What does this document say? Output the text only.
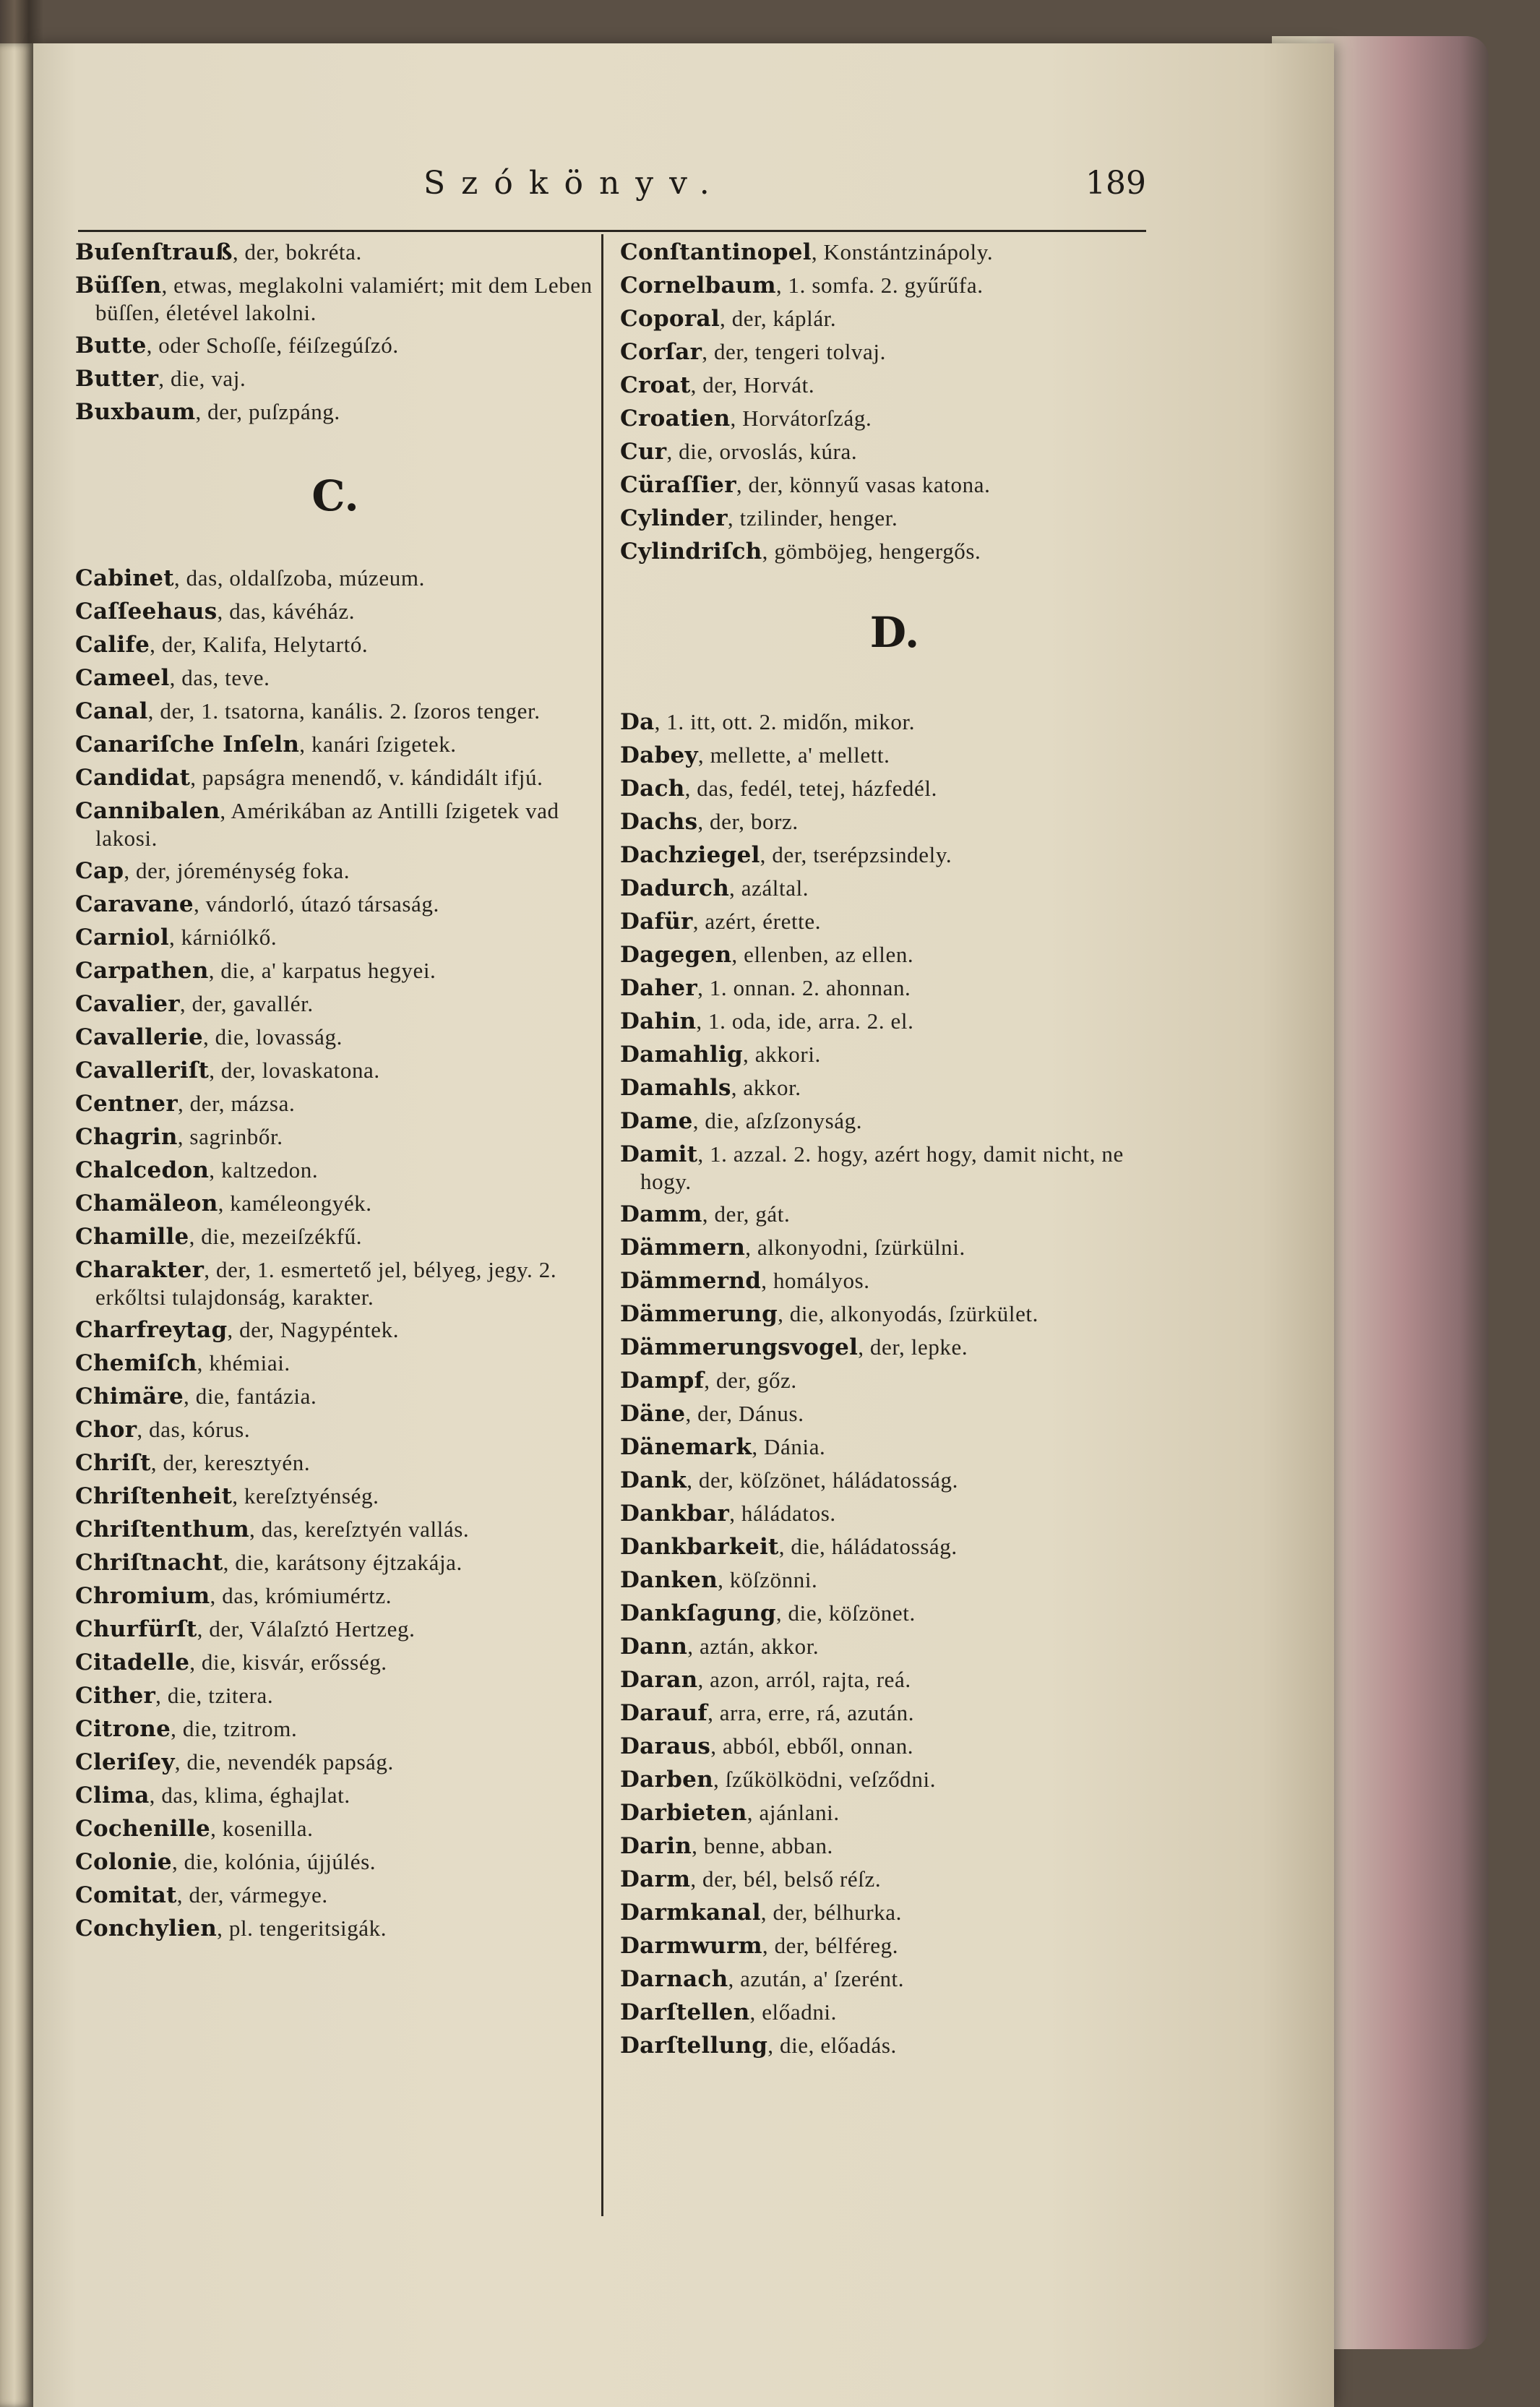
Szókönyv.	189

Buſenſtrauß, der, bokréta.

Büſſen, etwas, meglakolni valamiért; mit dem Leben büſſen, életével lakolni.

Butte, oder Schoſſe, féiſzegúſzó.

Butter, die, vaj.

Buxbaum, der, puſzpáng.

C.

Cabinet, das, oldalſzoba, múzeum.

Caſſeehaus, das, kávéház.

Calife, der, Kalifa, Helytartó.

Cameel, das, teve.

Canal, der, 1. tsatorna, kanális. 2. ſzoros tenger.

Canariſche Inſeln, kanári ſzigetek.

Candidat, papságra menendő, v. kándidált ifjú.

Cannibalen, Amérikában az Antilli ſzigetek vad lakosi.

Cap, der, jóreménység foka.

Caravane, vándorló, útazó társaság.

Carniol, kárniólkő.

Carpathen, die, a' karpatus hegyei.

Cavalier, der, gavallér.

Cavallerie, die, lovasság.

Cavalleriſt, der, lovaskatona.

Centner, der, mázsa.

Chagrin, sagrinbőr.

Chalcedon, kaltzedon.

Chamäleon, kaméleongyék.

Chamille, die, mezeiſzékfű.

Charakter, der, 1. esmertető jel, bélyeg, jegy. 2. erkőltsi tulajdonság, karakter.

Charfreytag, der, Nagypéntek.

Chemiſch, khémiai.

Chimäre, die, fantázia.

Chor, das, kórus.

Chriſt, der, keresztyén.

Chriſtenheit, kereſztyénség.

Chriſtenthum, das, kereſztyén vallás.

Chriſtnacht, die, karátsony éjtzakája.

Chromium, das, krómiumértz.

Churfürſt, der, Válaſztó Hertzeg.

Citadelle, die, kisvár, erősség.

Cither, die, tzitera.

Citrone, die, tzitrom.

Cleriſey, die, nevendék papság.

Clima, das, klima, éghajlat.

Cochenille, kosenilla.

Colonie, die, kolónia, újjúlés.

Comitat, der, vármegye.

Conchylien, pl. tengeritsigák.

Conſtantinopel, Konstántzinápoly.

Cornelbaum, 1. somfa. 2. gyűrűfa.

Coporal, der, káplár.

Corſar, der, tengeri tolvaj.

Croat, der, Horvát.

Croatien, Horvátorſzág.

Cur, die, orvoslás, kúra.

Cüraſſier, der, könnyű vasas katona.

Cylinder, tzilinder, henger.

Cylindriſch, gömböjeg, hengergős.

D.

Da, 1. itt, ott. 2. midőn, mikor.

Dabey, mellette, a' mellett.

Dach, das, fedél, tetej, házfedél.

Dachs, der, borz.

Dachziegel, der, tserépzsindely.

Dadurch, azáltal.

Dafür, azért, érette.

Dagegen, ellenben, az ellen.

Daher, 1. onnan. 2. ahonnan.

Dahin, 1. oda, ide, arra. 2. el.

Damahlig, akkori.

Damahls, akkor.

Dame, die, aſzſzonyság.

Damit, 1. azzal. 2. hogy, azért hogy, damit nicht, ne hogy.

Damm, der, gát.

Dämmern, alkonyodni, ſzürkülni.

Dämmernd, homályos.

Dämmerung, die, alkonyodás, ſzürkület.

Dämmerungsvogel, der, lepke.

Dampf, der, gőz.

Däne, der, Dánus.

Dänemark, Dánia.

Dank, der, köſzönet, háládatosság.

Dankbar, háládatos.

Dankbarkeit, die, háládatosság.

Danken, köſzönni.

Dankſagung, die, köſzönet.

Dann, aztán, akkor.

Daran, azon, arról, rajta, reá.

Darauf, arra, erre, rá, azután.

Daraus, abból, ebből, onnan.

Darben, ſzűkölködni, veſződni.

Darbieten, ajánlani.

Darin, benne, abban.

Darm, der, bél, belső réſz.

Darmkanal, der, bélhurka.

Darmwurm, der, bélféreg.

Darnach, azután, a' ſzerént.

Darſtellen, előadni.

Darſtellung, die, előadás.
